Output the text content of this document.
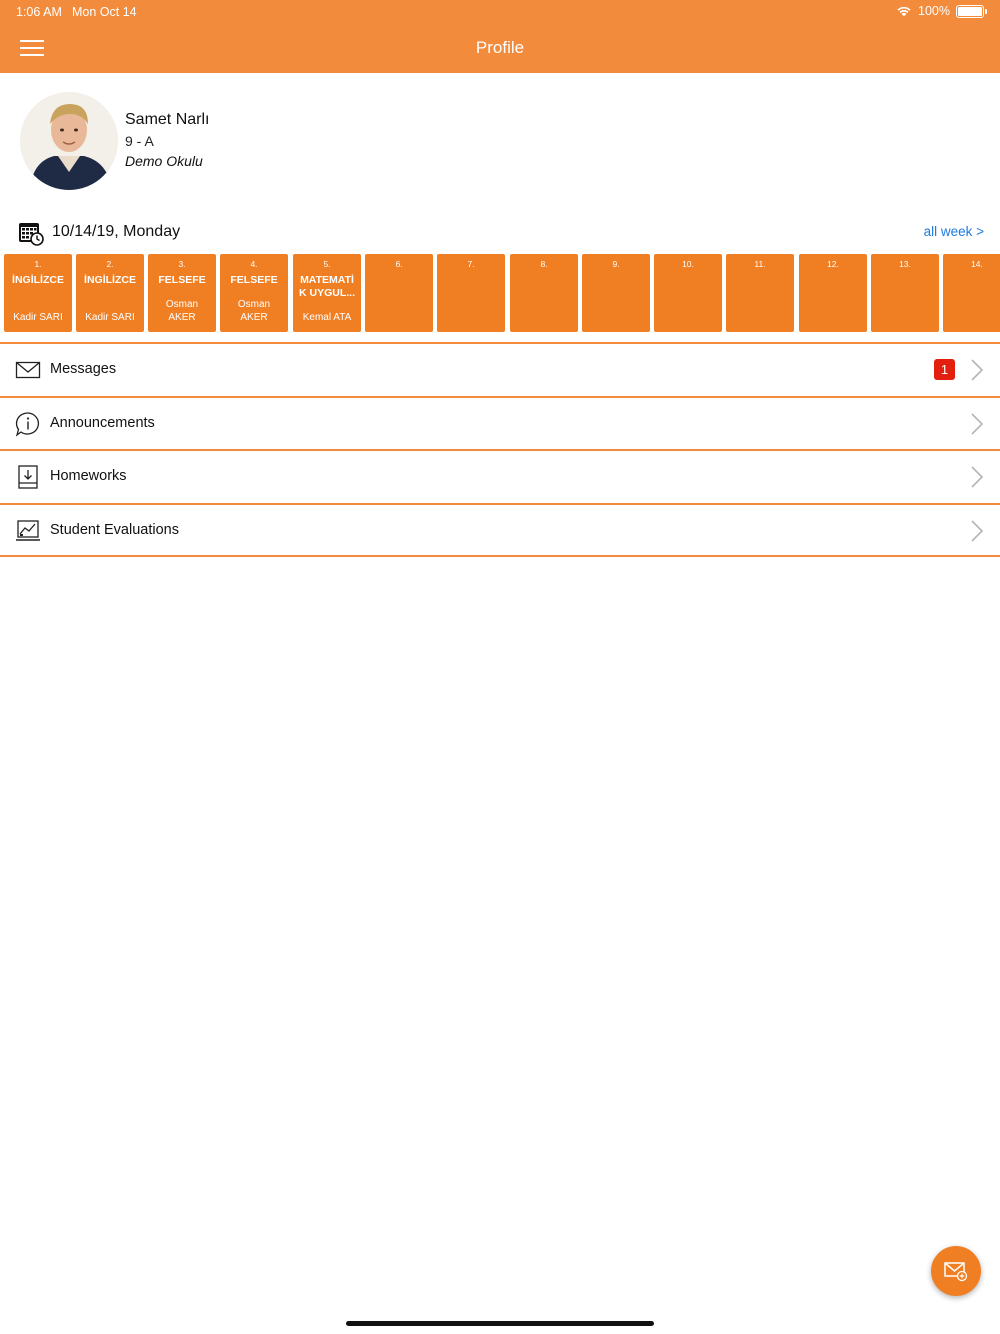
1:06 AM Mon Oct 14	100%
Profile
Samet Narlı
9 - A
Demo Okulu
10/14/19, Monday	all week >
1.
İNGİLİZCE
Kadir SARI
2.
İNGİLİZCE
Kadir SARI
3.
FELSEFE
Osman
AKER
4.
FELSEFE
Osman
AKER
5.
MATEMATİ
K UYGUL...
Kemal ATA
6.	7.	8.	9.	10.	11.	12.	13.	14.
Messages	1
Announcements
Homeworks
Student Evaluations
